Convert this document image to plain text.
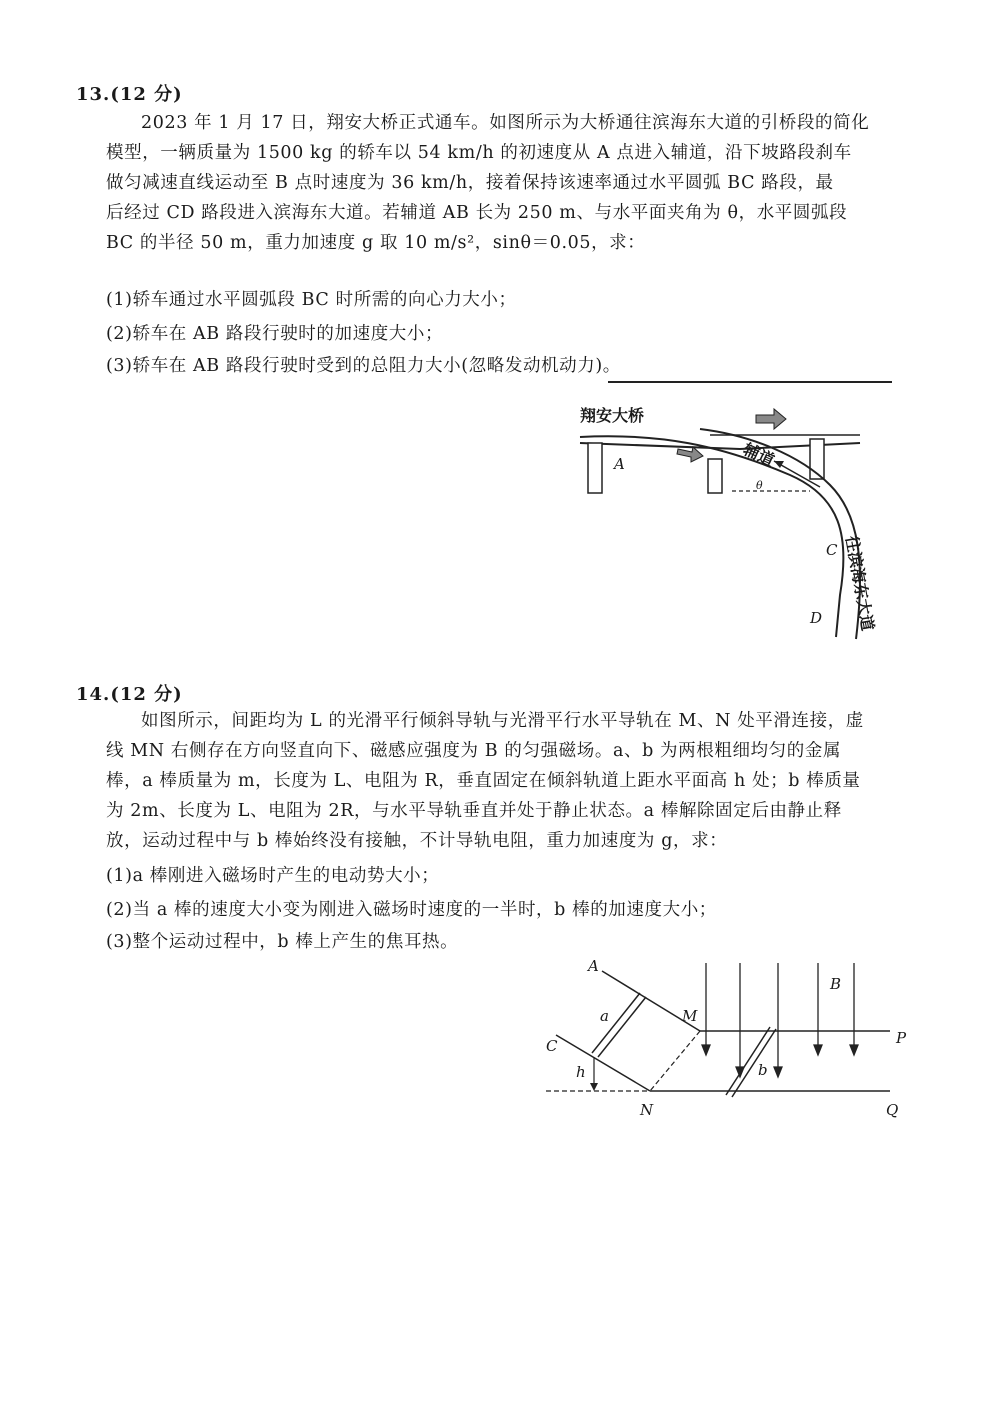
13.(12 分)

2023 年 1 月 17 日，翔安大桥正式通车。如图所示为大桥通往滨海东大道的引桥段的简化

模型，一辆质量为 1500 kg 的轿车以 54 km/h 的初速度从 A 点进入辅道，沿下坡路段刹车

做匀减速直线运动至 B 点时速度为 36 km/h，接着保持该速率通过水平圆弧 BC 路段，最

后经过 CD 路段进入滨海东大道。若辅道 AB 长为 250 m、与水平面夹角为 θ，水平圆弧段

BC 的半径 50 m，重力加速度 g 取 10 m/s²，sinθ＝0.05，求：

(1)轿车通过水平圆弧段 BC 时所需的向心力大小；
(2)轿车在 AB 路段行驶时的加速度大小；
(3)轿车在 AB 路段行驶时受到的总阻力大小(忽略发动机动力)。
翔安大桥
辅道
往滨海东大道
A
C
D
θ
14.(12 分)

如图所示，间距均为 L 的光滑平行倾斜导轨与光滑平行水平导轨在 M、N 处平滑连接，虚

线 MN 右侧存在方向竖直向下、磁感应强度为 B 的匀强磁场。a、b 为两根粗细均匀的金属

棒，a 棒质量为 m，长度为 L、电阻为 R，垂直固定在倾斜轨道上距水平面高 h 处；b 棒质量

为 2m、长度为 L、电阻为 2R，与水平导轨垂直并处于静止状态。a 棒解除固定后由静止释

放，运动过程中与 b 棒始终没有接触，不计导轨电阻，重力加速度为 g，求：

(1)a 棒刚进入磁场时产生的电动势大小；
(2)当 a 棒的速度大小变为刚进入磁场时速度的一半时，b 棒的加速度大小；
(3)整个运动过程中，b 棒上产生的焦耳热。
A
C
M
N
P
Q
a
b
h
B
